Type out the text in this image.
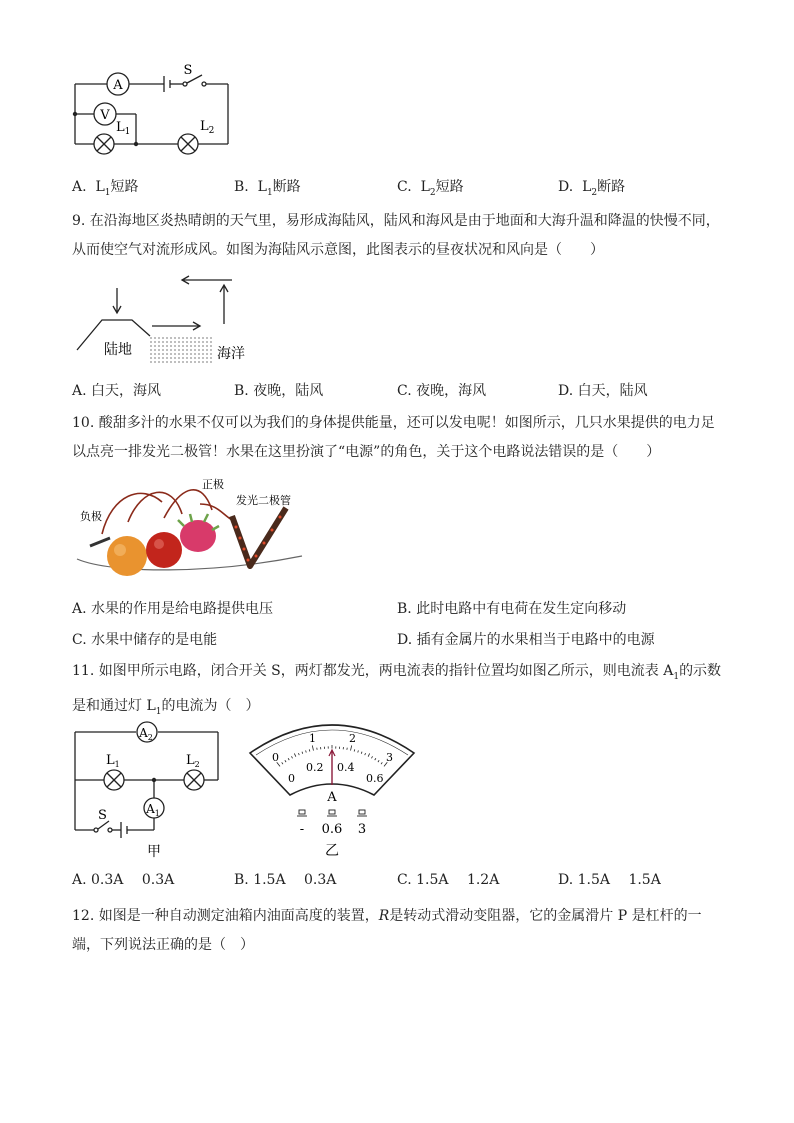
A
S
V
$L_1$	$L_2$
A. $L_1$短路	B. $L_1$断路	C. $L_2$短路	D. $L_2$断路
9. 在沿海地区炎热晴朗的天气里，易形成海陆风，陆风和海风是由于地面和大海升温和降温的快慢不同，
从而使空气对流形成风。如图为海陆风示意图，此图表示的昼夜状况和风向是（　　）
陆地	海洋
A. 白天，海风	B. 夜晚，陆风	C. 夜晚，海风	D. 白天，陆风
10. 酸甜多汁的水果不仅可以为我们的身体提供能量，还可以发电呢！如图所示，几只水果提供的电力足
以点亮一排发光二极管！水果在这里扮演了“电源”的角色，关于这个电路说法错误的是（　　）
负极
正极
发光二极管
A. 水果的作用是给电路提供电压	B. 此时电路中有电荷在发生定向移动
C. 水果中储存的是电能	D. 插有金属片的水果相当于电路中的电源
11. 如图甲所示电路，闭合开关 S，两灯都发光，两电流表的指针位置均如图乙所示，则电流表 $A_1$的示数
是和通过灯 $L_1$的电流为（　）
$A_2$
$L_1$	$L_2$
S	$A_1$
甲
0
1	2
3
0
0.2 0.4
0.6
A
- 0.6 3
乙
A. 0.3A　 0.3A	B. 1.5A　 0.3A	C. 1.5A　 1.2A	D. 1.5A　 1.5A
12. 如图是一种自动测定油箱内油面高度的装置，R是转动式滑动变阻器，它的金属滑片 P 是杠杆的一
端，下列说法正确的是（　）
